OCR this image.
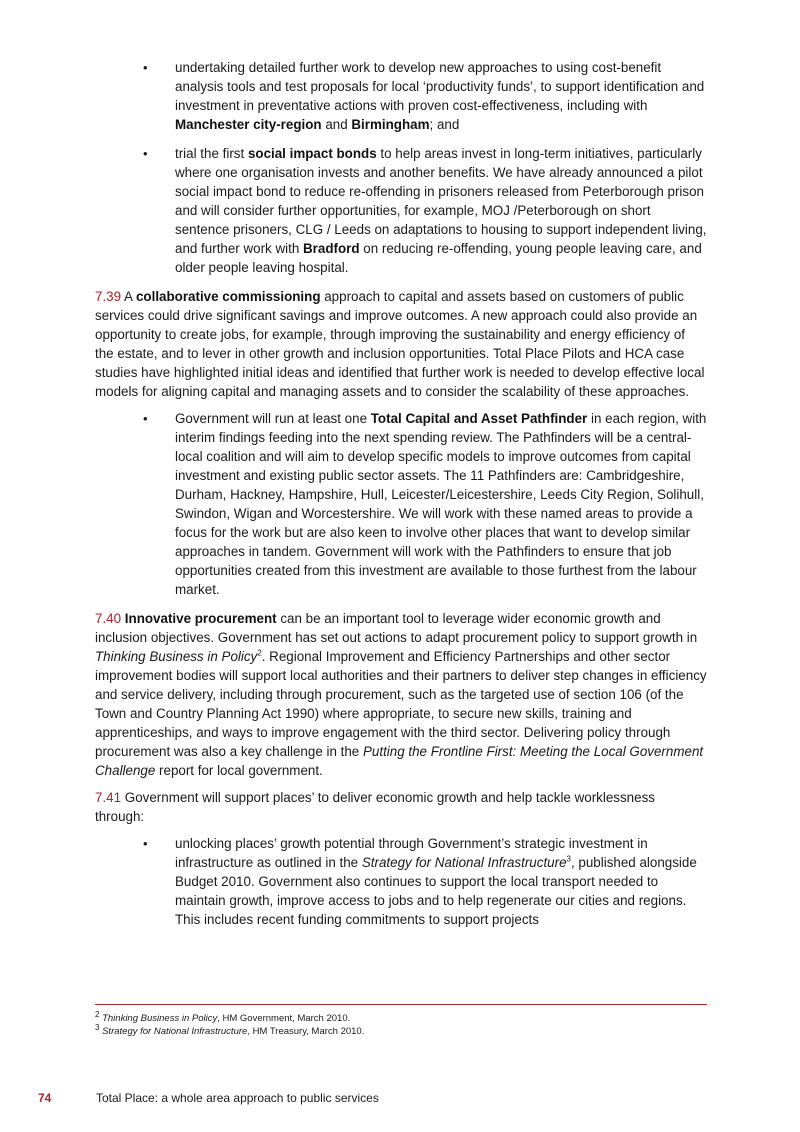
• undertaking detailed further work to develop new approaches to using cost-benefit analysis tools and test proposals for local ‘productivity funds’, to support identification and investment in preventative actions with proven cost-effectiveness, including with Manchester city-region and Birmingham; and
• trial the first social impact bonds to help areas invest in long-term initiatives, particularly where one organisation invests and another benefits. We have already announced a pilot social impact bond to reduce re-offending in prisoners released from Peterborough prison and will consider further opportunities, for example, MOJ /Peterborough on short sentence prisoners, CLG / Leeds on adaptations to housing to support independent living, and further work with Bradford on reducing re-offending, young people leaving care, and older people leaving hospital.

7.39 A collaborative commissioning approach to capital and assets based on customers of public services could drive significant savings and improve outcomes. A new approach could also provide an opportunity to create jobs, for example, through improving the sustainability and energy efficiency of the estate, and to lever in other growth and inclusion opportunities. Total Place Pilots and HCA case studies have highlighted initial ideas and identified that further work is needed to develop effective local models for aligning capital and managing assets and to consider the scalability of these approaches.

• Government will run at least one Total Capital and Asset Pathfinder in each region, with interim findings feeding into the next spending review. The Pathfinders will be a central-local coalition and will aim to develop specific models to improve outcomes from capital investment and existing public sector assets. The 11 Pathfinders are: Cambridgeshire, Durham, Hackney, Hampshire, Hull, Leicester/Leicestershire, Leeds City Region, Solihull, Swindon, Wigan and Worcestershire. We will work with these named areas to provide a focus for the work but are also keen to involve other places that want to develop similar approaches in tandem. Government will work with the Pathfinders to ensure that job opportunities created from this investment are available to those furthest from the labour market.

7.40 Innovative procurement can be an important tool to leverage wider economic growth and inclusion objectives. Government has set out actions to adapt procurement policy to support growth in Thinking Business in Policy$^2$. Regional Improvement and Efficiency Partnerships and other sector improvement bodies will support local authorities and their partners to deliver step changes in efficiency and service delivery, including through procurement, such as the targeted use of section 106 (of the Town and Country Planning Act 1990) where appropriate, to secure new skills, training and apprenticeships, and ways to improve engagement with the third sector. Delivering policy through procurement was also a key challenge in the Putting the Frontline First: Meeting the Local Government Challenge report for local government.

7.41 Government will support places’ to deliver economic growth and help tackle worklessness through:

• unlocking places’ growth potential through Government’s strategic investment in infrastructure as outlined in the Strategy for National Infrastructure$^3$, published alongside Budget 2010. Government also continues to support the local transport needed to maintain growth, improve access to jobs and to help regenerate our cities and regions. This includes recent funding commitments to support projects
$^2$ Thinking Business in Policy, HM Government, March 2010.
$^3$ Strategy for National Infrastructure, HM Treasury, March 2010.
74	Total Place: a whole area approach to public services
